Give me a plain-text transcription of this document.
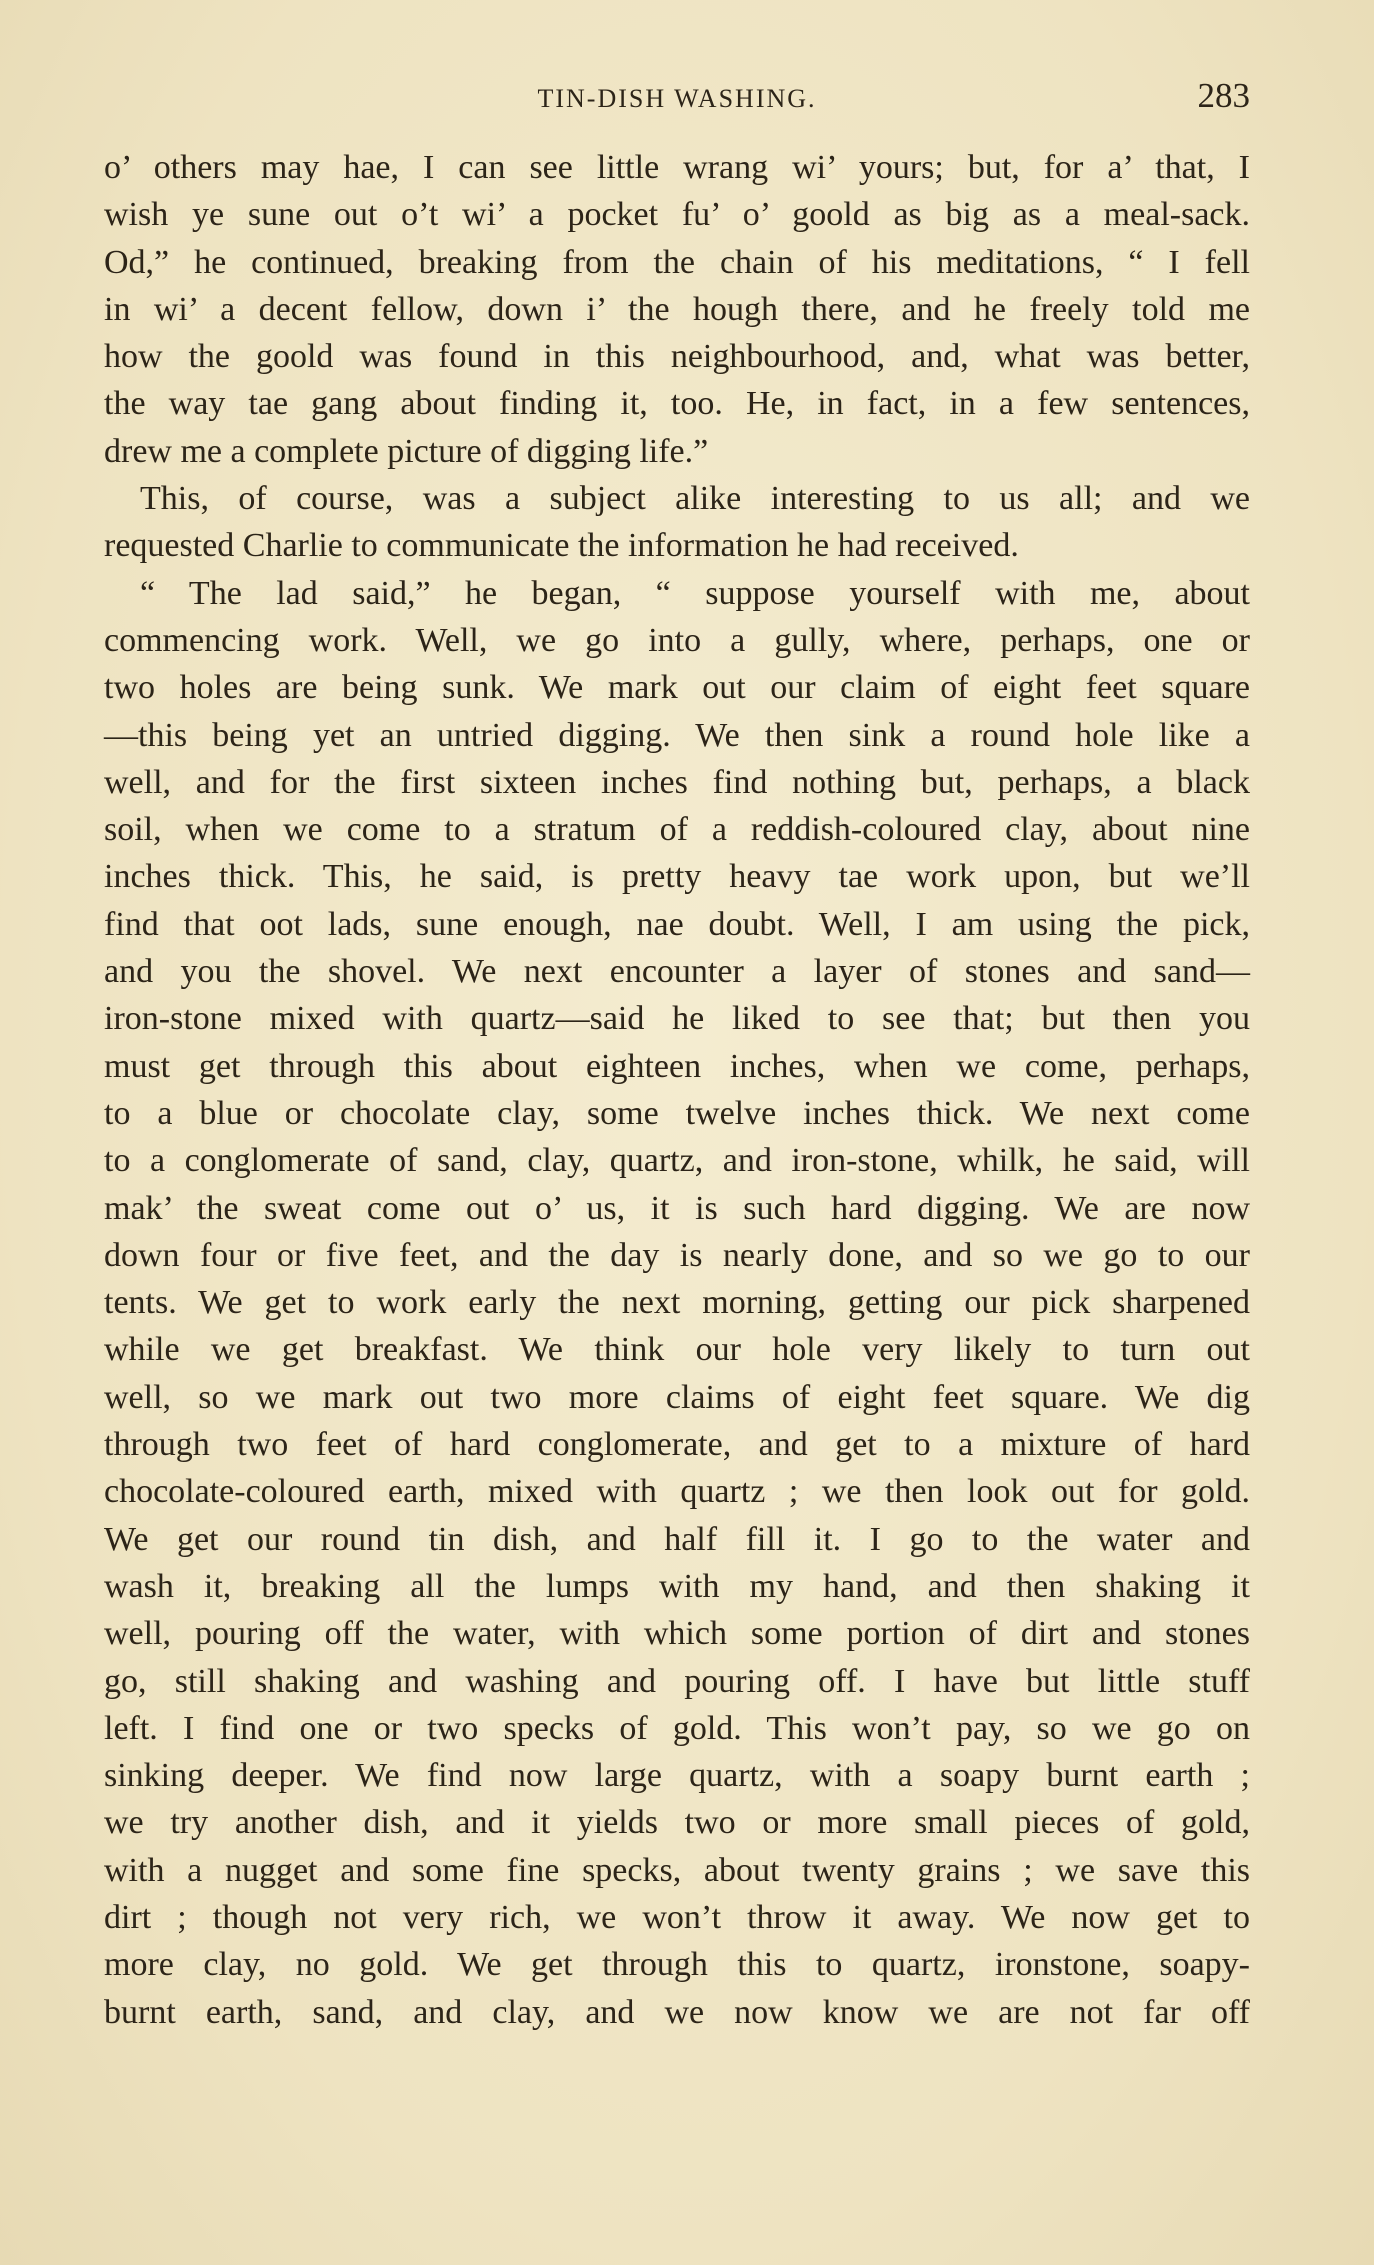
TIN-DISH WASHING.	283
o’ others may hae, I can see little wrang wi’ yours; but, for a’ that, I
wish ye sune out o’t wi’ a pocket fu’ o’ goold as big as a meal-sack.
Od,” he continued, breaking from the chain of his meditations, “ I fell
in wi’ a decent fellow, down i’ the hough there, and he freely told me
how the goold was found in this neighbourhood, and, what was better,
the way tae gang about finding it, too. He, in fact, in a few sentences,
drew me a complete picture of digging life.”
This, of course, was a subject alike interesting to us all; and we
requested Charlie to communicate the information he had received.
“ The lad said,” he began, “ suppose yourself with me, about
commencing work. Well, we go into a gully, where, perhaps, one or
two holes are being sunk. We mark out our claim of eight feet square
—this being yet an untried digging. We then sink a round hole like a
well, and for the first sixteen inches find nothing but, perhaps, a black
soil, when we come to a stratum of a reddish-coloured clay, about nine
inches thick. This, he said, is pretty heavy tae work upon, but we’ll
find that oot lads, sune enough, nae doubt. Well, I am using the pick,
and you the shovel. We next encounter a layer of stones and sand—
iron-stone mixed with quartz—said he liked to see that; but then you
must get through this about eighteen inches, when we come, perhaps,
to a blue or chocolate clay, some twelve inches thick. We next come
to a conglomerate of sand, clay, quartz, and iron-stone, whilk, he said, will
mak’ the sweat come out o’ us, it is such hard digging. We are now
down four or five feet, and the day is nearly done, and so we go to our
tents. We get to work early the next morning, getting our pick sharpened
while we get breakfast. We think our hole very likely to turn out
well, so we mark out two more claims of eight feet square. We dig
through two feet of hard conglomerate, and get to a mixture of hard
chocolate-coloured earth, mixed with quartz ; we then look out for gold.
We get our round tin dish, and half fill it. I go to the water and
wash it, breaking all the lumps with my hand, and then shaking it
well, pouring off the water, with which some portion of dirt and stones
go, still shaking and washing and pouring off. I have but little stuff
left. I find one or two specks of gold. This won’t pay, so we go on
sinking deeper. We find now large quartz, with a soapy burnt earth ;
we try another dish, and it yields two or more small pieces of gold,
with a nugget and some fine specks, about twenty grains ; we save this
dirt ; though not very rich, we won’t throw it away. We now get to
more clay, no gold. We get through this to quartz, ironstone, soapy-
burnt earth, sand, and clay, and we now know we are not far off
